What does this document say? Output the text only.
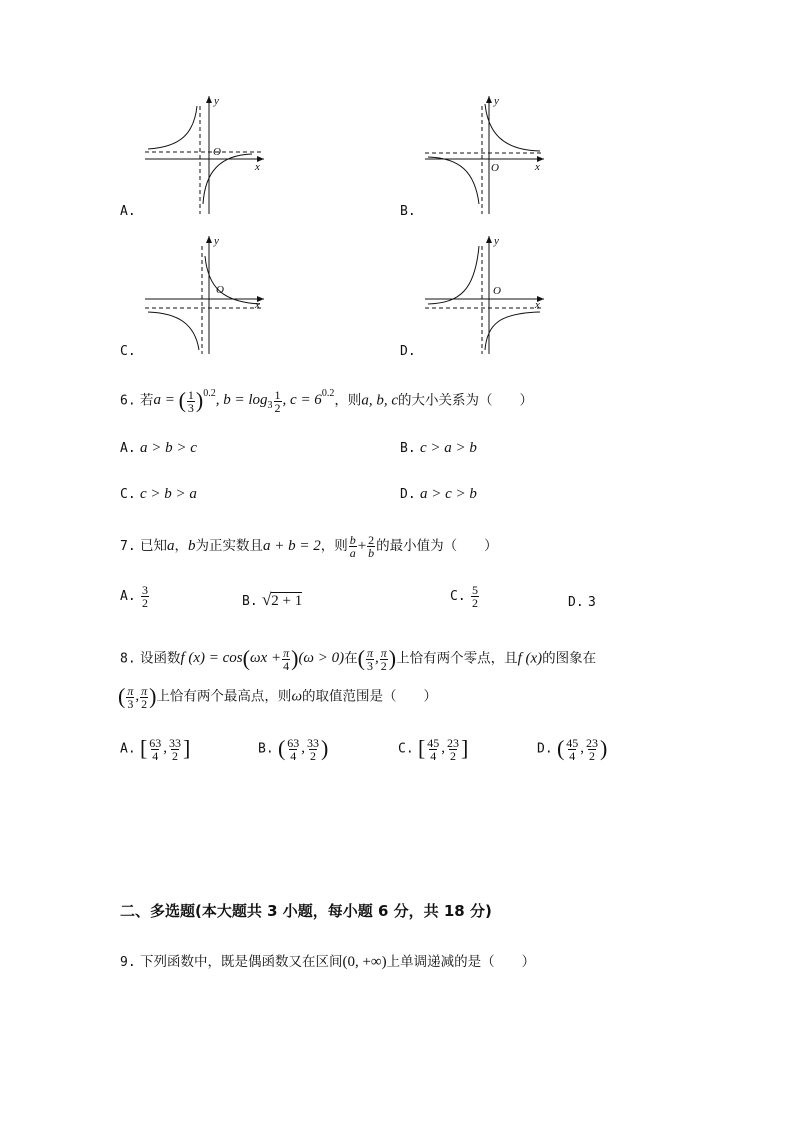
y
x
O
A.
y
x
O
B.
y
x
O
C.
y
x
O
D.
6. 若a = ( $\frac{1}{3} )^{0.2}$, $b = \log_3 \frac{1}{2}$ , $c = 6^{0.2}$，则a, b, c的大小关系为（　　）
A. a > b > c	B. c > a > b
C. c > b > a	D. a > c > b
7. 已知a，b为正实数且a + b = 2，则 $\frac{b}{a} + \frac{2}{b}$ 的最小值为（　　）
A. $\frac{3}{2}$	B. √2 + 1	C. $\frac{5}{2}$	D. 3
8. 设函数f $(x) = \cos(\omega x + \frac{\pi}{4} )(\omega > 0)$在( $\frac{\pi}{3}$ , $\frac{\pi}{2}$ )上恰有两个零点，且f (x)的图象在
( $\frac{\pi}{3}$ , $\frac{\pi}{2}$ )上恰有两个最高点，则ω的取值范围是（　　）
A. [ $\frac{63}{4}$ , $\frac{33}{2}$ ]	B. ( $\frac{63}{4}$ , $\frac{33}{2}$ )	C. [ $\frac{45}{4}$ , $\frac{23}{2}$ ]	D. ( $\frac{45}{4}$ , $\frac{23}{2}$ )
二、多选题(本大题共 3 小题，每小题 6 分，共 18 分)
9. 下列函数中，既是偶函数又在区间(0, +∞)上单调递减的是（　　）
